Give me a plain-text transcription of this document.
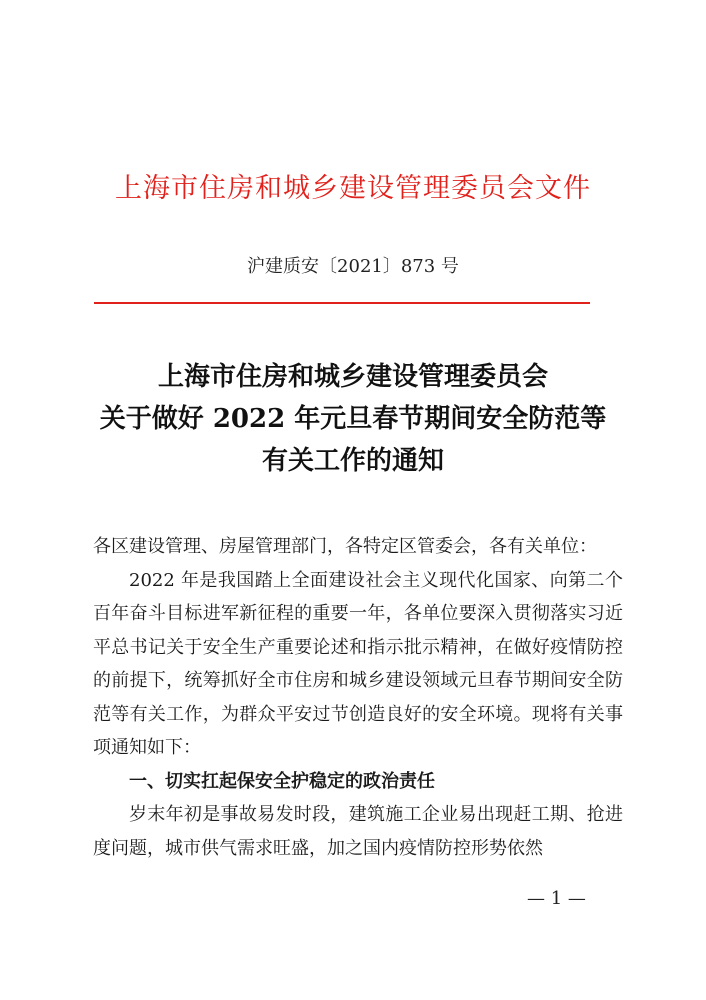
上海市住房和城乡建设管理委员会文件
沪建质安〔2021〕873 号
上海市住房和城乡建设管理委员会
关于做好 2022 年元旦春节期间安全防范等
有关工作的通知
各区建设管理、房屋管理部门，各特定区管委会，各有关单位：
2022 年是我国踏上全面建设社会主义现代化国家、向第二个百年奋斗目标进军新征程的重要一年，各单位要深入贯彻落实习近平总书记关于安全生产重要论述和指示批示精神，在做好疫情防控的前提下，统筹抓好全市住房和城乡建设领域元旦春节期间安全防范等有关工作，为群众平安过节创造良好的安全环境。现将有关事项通知如下：
一、切实扛起保安全护稳定的政治责任
岁末年初是事故易发时段，建筑施工企业易出现赶工期、抢进度问题，城市供气需求旺盛，加之国内疫情防控形势依然
— 1 —
